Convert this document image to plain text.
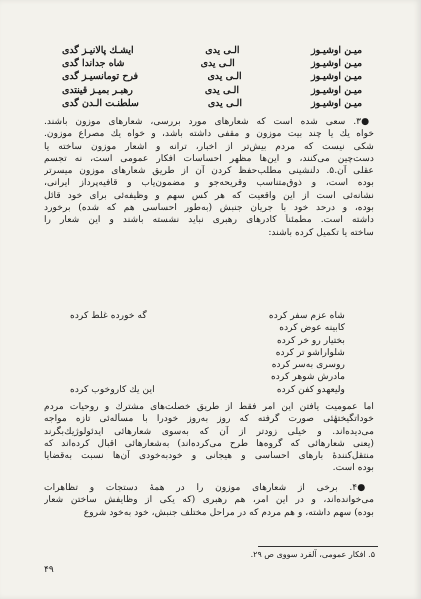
میـن اوشیـوز
الـی یدی
ایشـك پالانیـز گدی
میـن اوشیـوز
الـی یدی
شاه جداندا گدی
میـن اوشیـوز
الـی یدی
فرح تومانسیـز گدی
میـن اوشیـوز
الـی یدی
رهبـر بمیـز قینتدی
میـن اوشیـوز
الـی یدی
سلطنـت الـدن گدی
●۳. سعی شده است که شعارهای مورد بررسی، شعارهای موزون باشند.
خواه یك یا چند بیت موزون و مقفی داشته باشد، و خواه یك مصراع موزون.
شکی نیست که مردم بیش‌تر از اخبار، ترانه و اشعار موزون ساخته یا
دست‌چین می‌کنند، و این‌ها مظهر احساسات افکار عمومی است، نه تجسم
عقلی آن.۵. دلنشینی مطلب‌حفظ کردن آن از طریق شعارهای موزون میسرتر
بوده است، و ذوق‌متناسب وقریحه‌جو و مضمون‌یاب و قافیه‌پرداز ایرانی،
نشانه‌ئی است از این واقعیت که هر کس سهم و وظیفه‌ئی برای خود قائل
بوده، و درحد خود با جریان جنبش (به‌طور احساسی هم که شده) برخورد
داشته است. مطمئناً کادرهای رهبری نباید نشسته باشند و این شعار را
ساخته یا تکمیل کرده باشند:
شاه عزم سفر کرده
گه خورده غلط کرده
کابینه عوض کرده
بختیار رو خر کرده
شلواراشو تر کرده
روسری به‌سر کرده
مادرش شوهر کرده
ولیعهدو کفن کرده
این یك کاروخوب کرده
اما عمومیت یافتن این امر فقط از طریق خصلت‌های مشترك و روحیات مردم
خوداتگیختهٔئی صورت گرفته که روز به‌روز خودرا با مسأله‌ئی تازه مواجه
می‌دیده‌اند. و خیلی زودتر از آن که به‌سوی شعارهائی ایدئولوژیك‌بگرند
(یعنی شعارهائی که گروه‌ها طرح می‌کرده‌اند) به‌شعارهائی اقبال کرده‌اند که
منتقل‌کنندهٔ بارهای احساسی و هیجانی و خودبه‌خودی آن‌ها نسبت به‌قضایا
بوده است.
●۴. برخی از شعارهای موزون را در همهٔ دستجات و تظاهرات
می‌خوانده‌اند، و در این امر، هم رهبری (که یکی از وظایفش ساختن شعار
بوده) سهم داشته، و هم مردم که در مراحل مختلف جنبش، خود به‌خود شروع
۵. افکار عمومی، آلفرد سووی ص ۲۹.
۴۹
